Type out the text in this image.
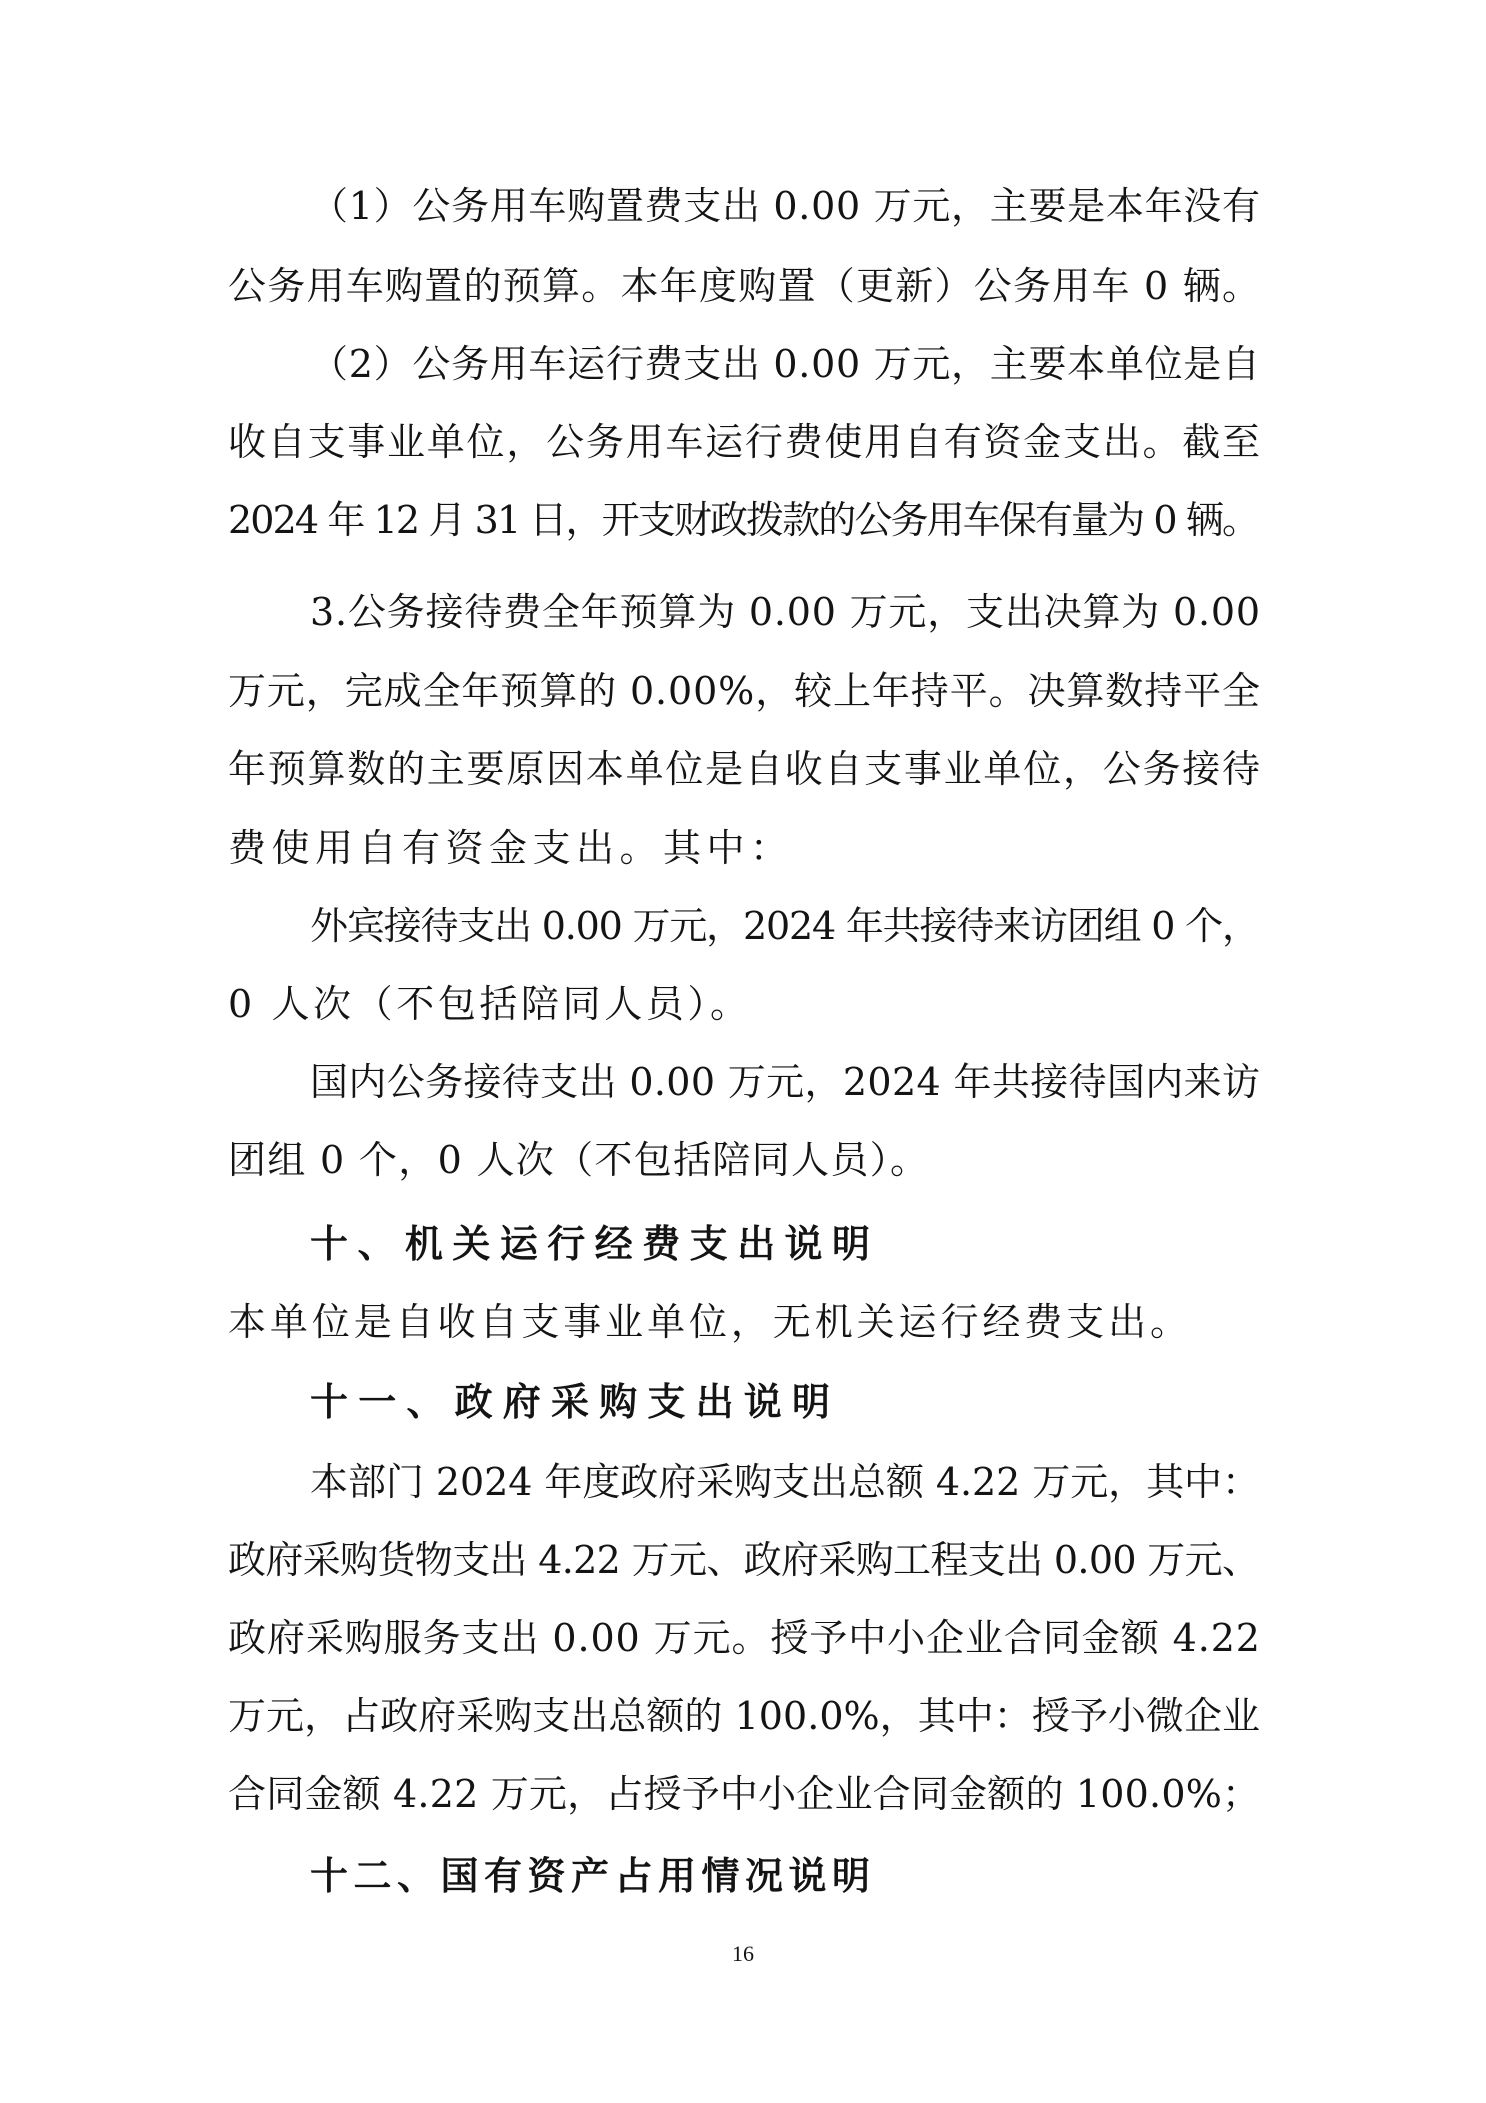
（1）公务用车购置费支出 0.00 万元，主要是本年没有
公务用车购置的预算。本年度购置（更新）公务用车 0 辆。
（2）公务用车运行费支出 0.00 万元，主要本单位是自
收自支事业单位，公务用车运行费使用自有资金支出。截至
2024 年 12 月 31 日，开支财政拨款的公务用车保有量为 0 辆。
3.公务接待费全年预算为 0.00 万元，支出决算为 0.00
万元，完成全年预算的 0.00%，较上年持平。决算数持平全
年预算数的主要原因本单位是自收自支事业单位，公务接待
费使用自有资金支出。其中：
外宾接待支出 0.00 万元，2024 年共接待来访团组 0 个，
0 人次（不包括陪同人员）。
国内公务接待支出 0.00 万元，2024 年共接待国内来访
团组 0 个，0 人次（不包括陪同人员）。
十、机关运行经费支出说明
本单位是自收自支事业单位，无机关运行经费支出。
十一、政府采购支出说明
本部门 2024 年度政府采购支出总额 4.22 万元，其中：
政府采购货物支出 4.22 万元、政府采购工程支出 0.00 万元、
政府采购服务支出 0.00 万元。授予中小企业合同金额 4.22
万元，占政府采购支出总额的 100.0%，其中：授予小微企业
合同金额 4.22 万元，占授予中小企业合同金额的 100.0%；
十二、国有资产占用情况说明
16
